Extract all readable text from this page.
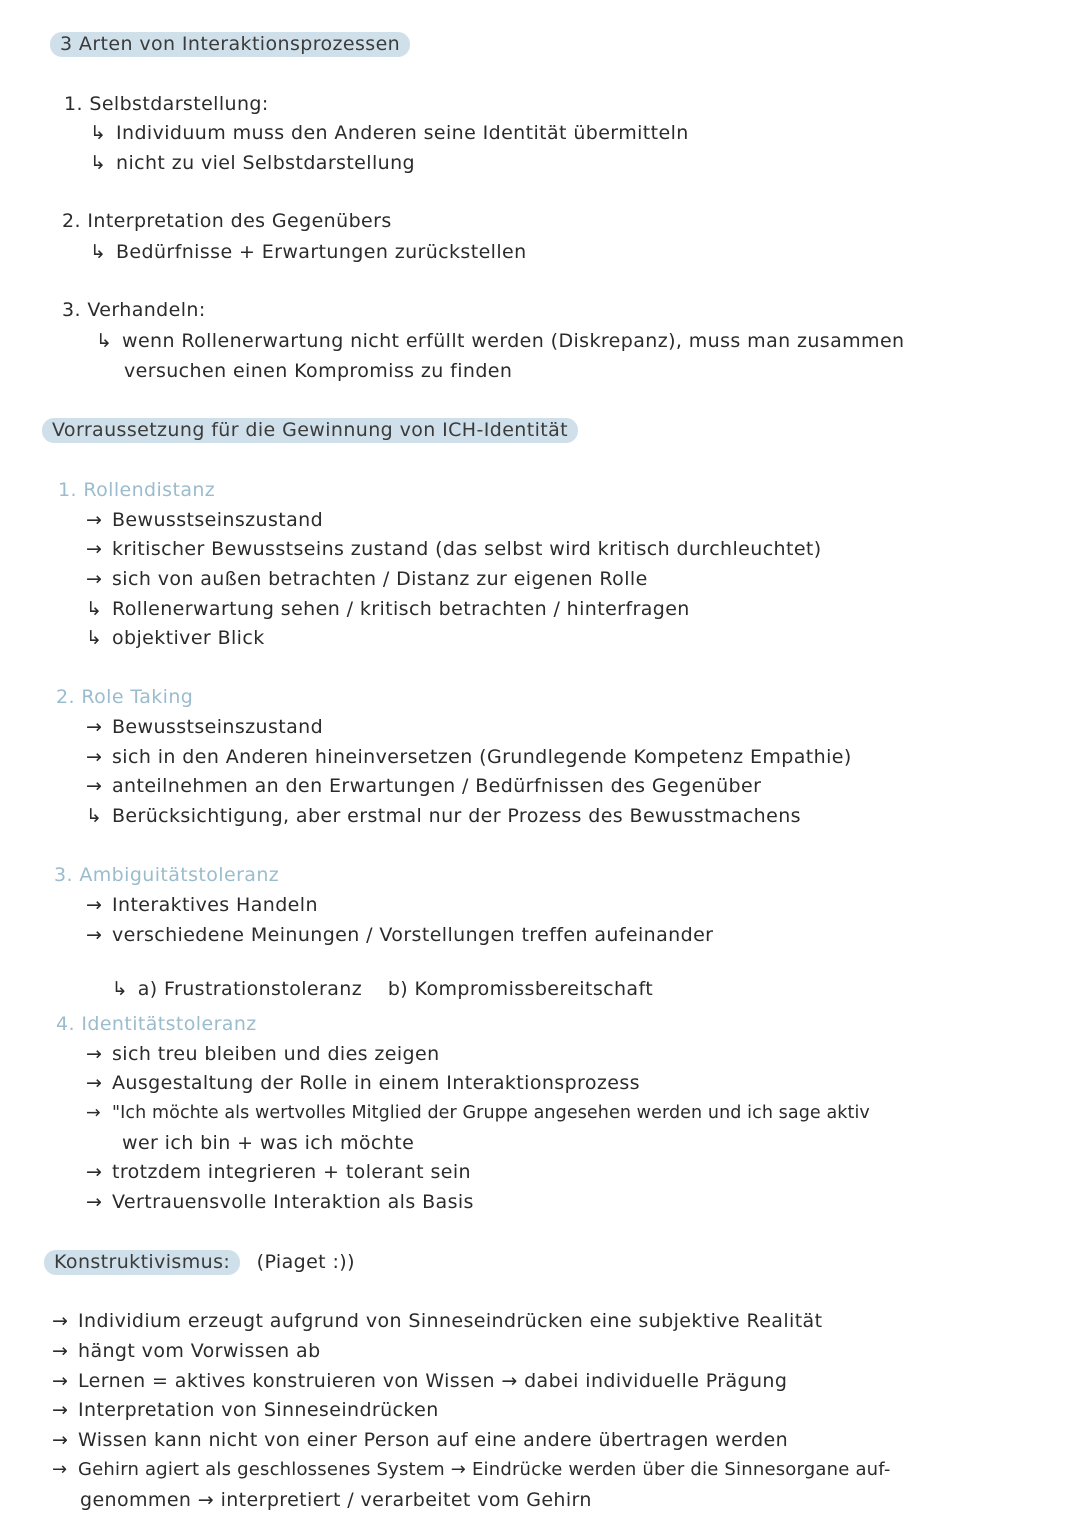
3 Arten von Interaktionsprozessen
1. Selbstdarstellung:
↳ Individuum muss den Anderen seine Identität übermitteln
↳ nicht zu viel Selbstdarstellung
2. Interpretation des Gegenübers
↳ Bedürfnisse + Erwartungen zurückstellen
3. Verhandeln:
↳ wenn Rollenerwartung nicht erfüllt werden (Diskrepanz), muss man zusammen
versuchen einen Kompromiss zu finden
Vorraussetzung für die Gewinnung von ICH-Identität
1. Rollendistanz
→ Bewusstseinszustand
→ kritischer Bewusstseins zustand (das selbst wird kritisch durchleuchtet)
→ sich von außen betrachten / Distanz zur eigenen Rolle
↳ Rollenerwartung sehen / kritisch betrachten / hinterfragen
↳ objektiver Blick
2. Role Taking
→ Bewusstseinszustand
→ sich in den Anderen hineinversetzen (Grundlegende Kompetenz Empathie)
→ anteilnehmen an den Erwartungen / Bedürfnissen des Gegenüber
↳ Berücksichtigung, aber erstmal nur der Prozess des Bewusstmachens
3. Ambiguitätstoleranz
→ Interaktives Handeln
→ verschiedene Meinungen / Vorstellungen treffen aufeinander

↳ a) Frustrationstoleranz    b) Kompromissbereitschaft

4. Identitätstoleranz
→ sich treu bleiben und dies zeigen
→ Ausgestaltung der Rolle in einem Interaktionsprozess
→ "Ich möchte als wertvolles Mitglied der Gruppe angesehen werden und ich sage aktiv
wer ich bin + was ich möchte
→ trotzdem integrieren + tolerant sein
→ Vertrauensvolle Interaktion als Basis
Konstruktivismus: (Piaget :))
→ Individium erzeugt aufgrund von Sinneseindrücken eine subjektive Realität
→ hängt vom Vorwissen ab
→ Lernen = aktives konstruieren von Wissen → dabei individuelle Prägung
→ Interpretation von Sinneseindrücken
→ Wissen kann nicht von einer Person auf eine andere übertragen werden
→ Gehirn agiert als geschlossenes System → Eindrücke werden über die Sinnesorgane auf-
genommen → interpretiert / verarbeitet vom Gehirn
